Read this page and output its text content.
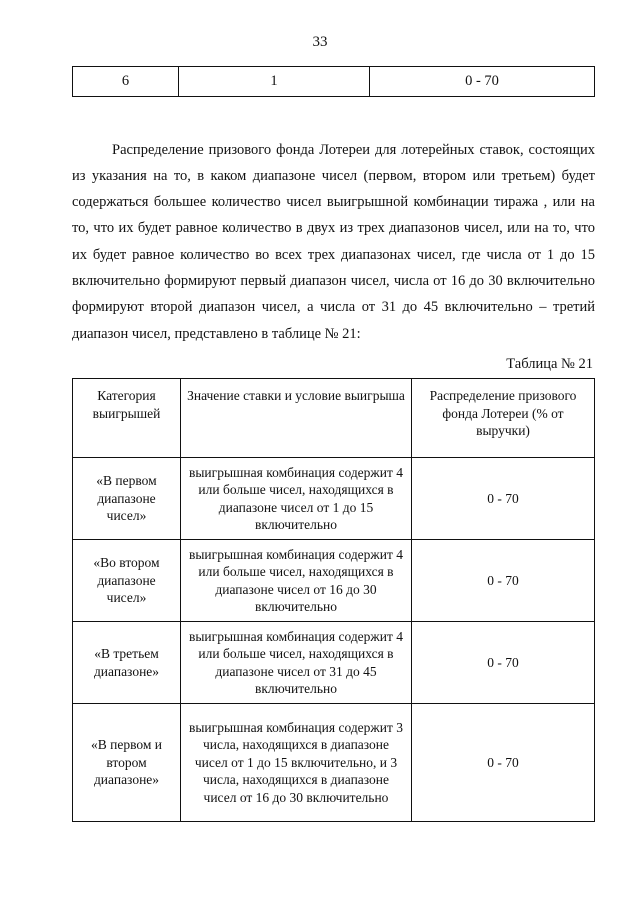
33
6	1	0 - 70

Распределение призового фонда Лотереи для лотерейных ставок, состоящих из указания на то, в каком диапазоне чисел (первом, втором или третьем) будет содержаться большее количество чисел выигрышной комбинации тиража , или на то, что их будет равное количество в двух из трех диапазонов чисел, или на то, что их будет равное количество во всех трех диапазонах чисел, где числа от 1 до 15 включительно формируют первый диапазон чисел, числа от 16 до 30 включительно формируют второй диапазон чисел, а числа от 31 до 45 включительно – третий диапазон чисел, представлено в таблице № 21:

Таблица № 21
Категория выигрышей	Значение ставки и условие выигрыша	Распределение призового фонда Лотереи (% от выручки)
«В первом диапазоне чисел»	выигрышная комбинация содержит 4 или больше чисел, находящихся в диапазоне чисел от 1 до 15 включительно	0 - 70
«Во втором диапазоне чисел»	выигрышная комбинация содержит 4 или больше чисел, находящихся в диапазоне чисел от 16 до 30 включительно	0 - 70
«В третьем диапазоне»	выигрышная комбинация содержит 4 или больше чисел, находящихся в диапазоне чисел от 31 до 45 включительно	0 - 70
«В первом и втором диапазоне»	выигрышная комбинация содержит 3 числа, находящихся в диапазоне чисел от 1 до 15 включительно, и 3 числа, находящихся в диапазоне чисел от 16 до 30 включительно	0 - 70
